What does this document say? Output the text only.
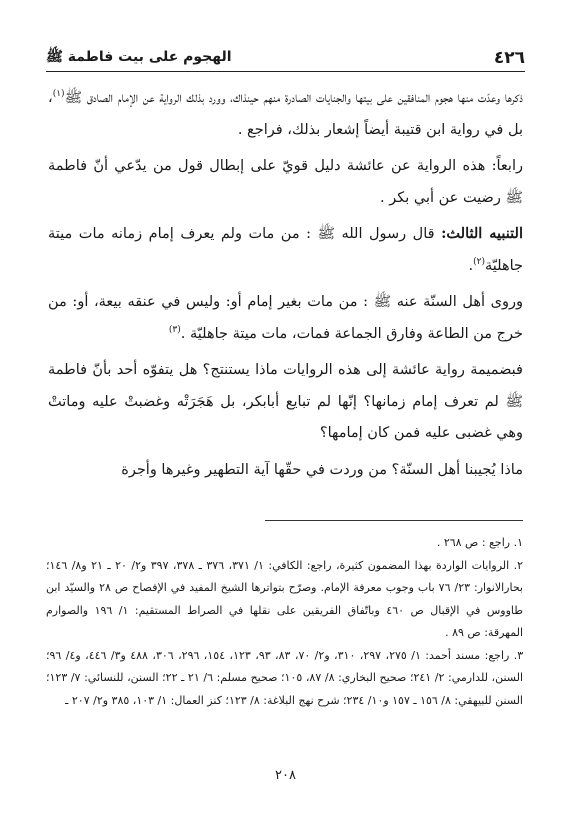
٤٢٦
الهجوم على بيت فاطمة ﷺ

ذكرها وعدّت منها هجوم المنافقين على بيتها والجنايات الصادرة منهم حينذاك، وورد بذلك الرواية عن الإمام الصادق ﷺ$^{(١)}$، بل في رواية ابن قتيبة أيضاً إشعار بذلك، فراجع .

رابعاً: هذه الرواية عن عائشة دليل قويّ على إبطال قول من يدّعي أنّ فاطمة ﷺ رضيت عن أبي بكر .

التنبيه الثالث: قال رسول الله ﷺ : من مات ولم يعرف إمام زمانه مات ميتة جاهليّة$^{(٢)}$.

وروى أهل السنّة عنه ﷺ : من مات بغير إمام أو: وليس في عنقه بيعة، أو: من خرج من الطاعة وفارق الجماعة فمات، مات ميتة جاهليّة .$^{(٣)}$

فبضميمة رواية عائشة إلى هذه الروايات ماذا يستنتج؟ هل يتفوّه أحد بأنّ فاطمة ﷺ لم تعرف إمام زمانها؟ إنّها لم تبايع أبابكر، بل هَجَرَتْه وغضبتْ عليه وماتتْ وهي غضبى عليه فمن كان إمامها؟

ماذا يُجيبنا أهل السنّة؟ من وردت في حقّها آية التطهير وغيرها وأجرة

١. راجع : ص ٢٦٨ .
٢. الروايات الواردة بهذا المضمون كثيرة، راجع: الكافي: ١/ ٣٧١، ٣٧٦ ـ ٣٧٨، ٣٩٧ و٢/ ٢٠ ـ ٢١ و٨/ ١٤٦؛ بحارالانوار: ٢٣/ ٧٦ باب وجوب معرفة الإمام. وصرّح بتواترها الشيخ المفيد في الإفصاح ص ٢٨ والسيّد ابن طاووس في الإقبال ص ٤٦٠ وباتّفاق الفريقين على نقلها في الصراط المستقيم: ١/ ١٩٦ والصوارم المهرقة: ص ٨٩ .
٣. راجع: مسند أحمد: ١/ ٢٧٥، ٢٩٧، ٣١٠، و٢/ ٧٠، ٨٣، ٩٣، ١٢٣، ١٥٤، ٢٩٦، ٣٠٦، ٤٨٨ و٣/ ٤٤٦، و٤/ ٩٦؛ السنن، للدارمي: ٢/ ٢٤١؛ صحيح البخاري: ٨/ ٨٧، ١٠٥؛ صحيح مسلم: ٦/ ٢١ ـ ٢٢؛ السنن، للنسائي: ٧/ ١٢٣؛ السنن للبيهقي: ٨/ ١٥٦ ـ ١٥٧ و١٠/ ٢٣٤؛ شرح نهج البلاغة: ٨/ ١٢٣؛ كنز العمال: ١/ ١٠٣، ٣٨٥ و٢/ ٢٠٧ ـ
٢٠٨
